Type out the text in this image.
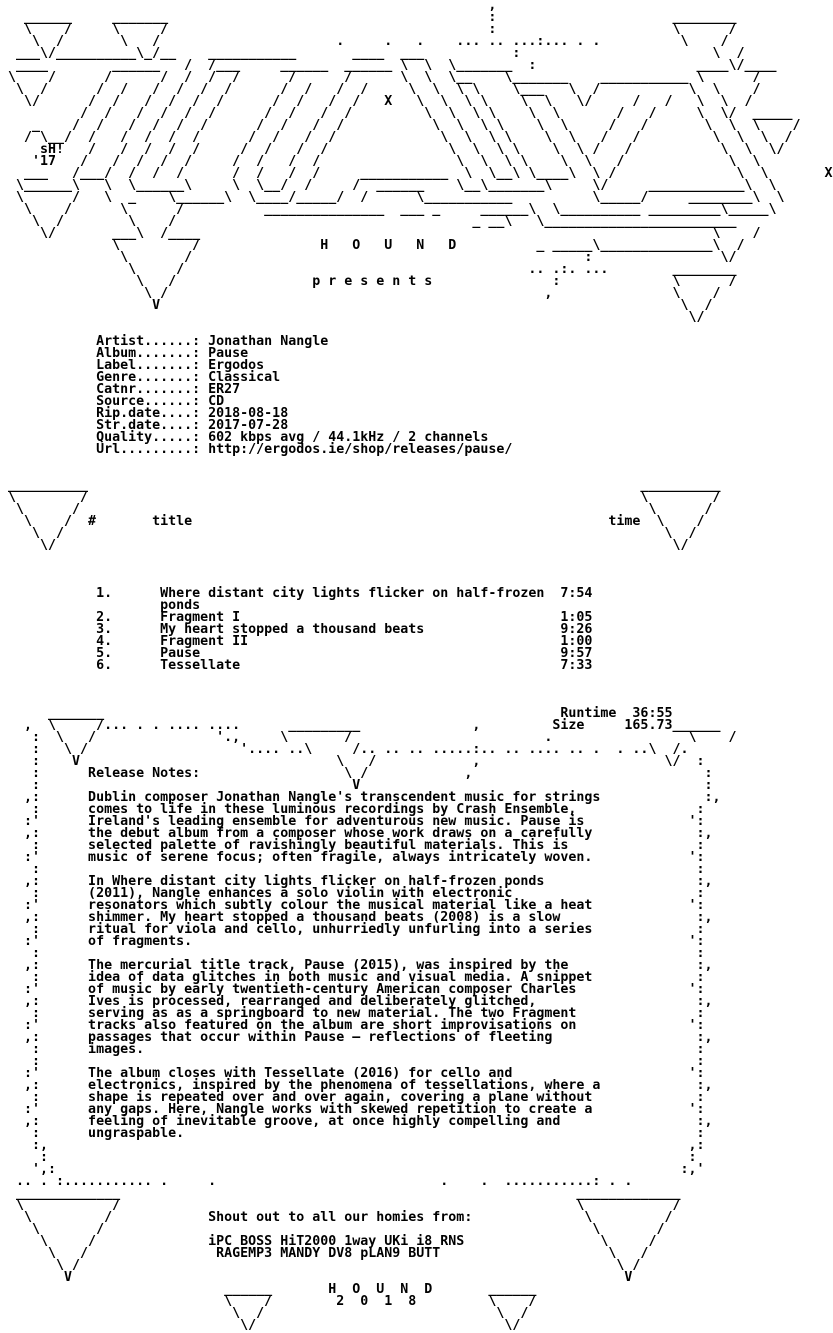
,
______     _______                                        :                      ________
\    /     \     /                                        :                      \      /
\  /       \   /                      .     .   .    ... .. ...:... . .          \    /
___\/__________\_/__    ___________       ____  ___           :                        \  /
____        ______   /  /___     ______  ______ \  \  \_______  :                    ____\/____
\    /      /      /  /  /  /      /      /      \  \  \__    \_______    ___________ \      /
\  /      /  /   /  /  /  /      /  /   /  /     \  \  \ \    \___   \  /           \  \    /
\/      /  /   /  /  /  /      /  /   /  /   X   \  \  \ \    \  \   \/     /   /   \  \  /
/  /   /  /  /  /      /  /   /  /         \  \  \ \    \  \       /   /     \  \/  _____
_    /  /   /  /  /  /      /  /   /  /           \  \  \ \    \  \     /   /       \  \  \    /
/ \__/  /   /  /  /  /      /  /   /  /             \  \  \ \    \  \   /   /         \  \  \  /
sH!   /   /  /  /  /     /  /   /  /               \  \  \ \    \  \ /   /           \  \  \/
'17   /   /  /  /  /     /  /   /  /                 \  \  \ \    \  \   /             \  \
___   /___/  /  /  /      /  /   /  /     ___________  \  \__\ \____\  \ /               \  \       X
\______\   \  \______\     \  \__/  /     /  ______    \__\_______\     \/     ____________\  \
\      /   \  _    \______\  \____/_____/  /      \___________          \_____/     ________\  \
\    /      \      /          _______________  ___ _     ______\  \__________ _________\_____\
\  /        \    /                                     _ __\   \________________________
\/       ___\  /____                                                                \    /
\         /               H   O   U   N   D          _ _____\______________\  /
\       /                                                 :                \/
\     /                                           .. .:. ...        ________
\   /                 p r e s e n t s               :              \      /
\ /                                               ,               \    /
V                                                                 \  /
\/
Artist......: Jonathan Nangle
Album.......: Pause
Label.......: Ergodos
Genre.......: Classical
Catnr.......: ER27
Source......: CD
Rip.date....: 2018-08-18
Str.date....: 2017-07-28
Quality.....: 602 kbps avg / 44.1kHz / 2 channels
Url.........: http://ergodos.ie/shop/releases/pause/
__________                                                                     __________
\        /                                                                     \        /
\      /                                                                       \      /
\    /  #       title                                                    time  \    /
\  /                                                                           \  /
\/                                                                             \/
1.      Where distant city lights flicker on half-frozen  7:54
ponds
2.      Fragment I                                        1:05
3.      My heart stopped a thousand beats                 9:26
4.      Fragment II                                       1:00
5.      Pause                                             9:57
6.      Tessellate                                        7:33
_______                                                         Runtime  36:55
,  \     /... . . .... ....      _________              ,         Size     165.73______
:  \   /               '.,     \       /                        .                 \    /
:   \ /                   '.... ..\     /.. .. .. .....:.. .. .... .. .  . ..\  /.
:    V                                \   /            ,                       \/  :
:      Release Notes:                  \ /            ,                             :
:                                       V                                           :
,:      Dublin composer Jonathan Nangle's transcendent music for strings             :,
:      comes to life in these luminous recordings by Crash Ensemble,               :
:'      Ireland's leading ensemble for adventurous new music. Pause is             ':
,:      the debut album from a composer whose work draws on a carefully             :,
:      selected palette of ravishingly beautiful materials. This is                :
:'      music of serene focus; often fragile, always intricately woven.            ':
:                                                                                  :
,:      In Where distant city lights flicker on half-frozen ponds                   :,
:      (2011), Nangle enhances a solo violin with electronic                       :
:'      resonators which subtly colour the musical material like a heat            ':
,:      shimmer. My heart stopped a thousand beats (2008) is a slow                 :,
:      ritual for viola and cello, unhurriedly unfurling into a series             :
:'      of fragments.                                                              ':
:                                                                                  :
,:      The mercurial title track, Pause (2015), was inspired by the                :,
:      idea of data glitches in both music and visual media. A snippet             :
:'      of music by early twentieth-century American composer Charles              ':
,:      Ives is processed, rearranged and deliberately glitched,                    :,
:      serving as as a springboard to new material. The two Fragment               :
:'      tracks also featured on the album are short improvisations on              ':
,:      passages that occur within Pause – reflections of fleeting                  :,
:      images.                                                                     :
:                                                                                  :
:'      The album closes with Tessellate (2016) for cello and                      ':
,:      electronics, inspired by the phenomena of tessellations, where a            :,
:      shape is repeated over and over again, covering a plane without             :
:'      any gaps. Here, Nangle works with skewed repetition to create a            ':
,:      feeling of inevitable groove, at once highly compelling and                 :,
:      ungraspable.                                                                :
:,                                                                                ,:
:                                                                                :
',:                                                                              :,'
.. . :........... .     .                            .    .  ...........: . .
_____________                                                         _____________
\           /                                                         \           /
\         /            Shout out to all our homies from:              \         /
\       /                                                             \       /
\     /              iPC BOSS HiT2000 1way UKi i8 RNS                 \     /
\   /                RAGEMP3 MANDY DV8 pLAN9 BUTT                     \   /
\ /                                                                   \ /
V                                                                     V
______       H  O  U  N  D       ______
\    /        2  0  1  8         \    /
\  /                             \  /
\/                               \/
